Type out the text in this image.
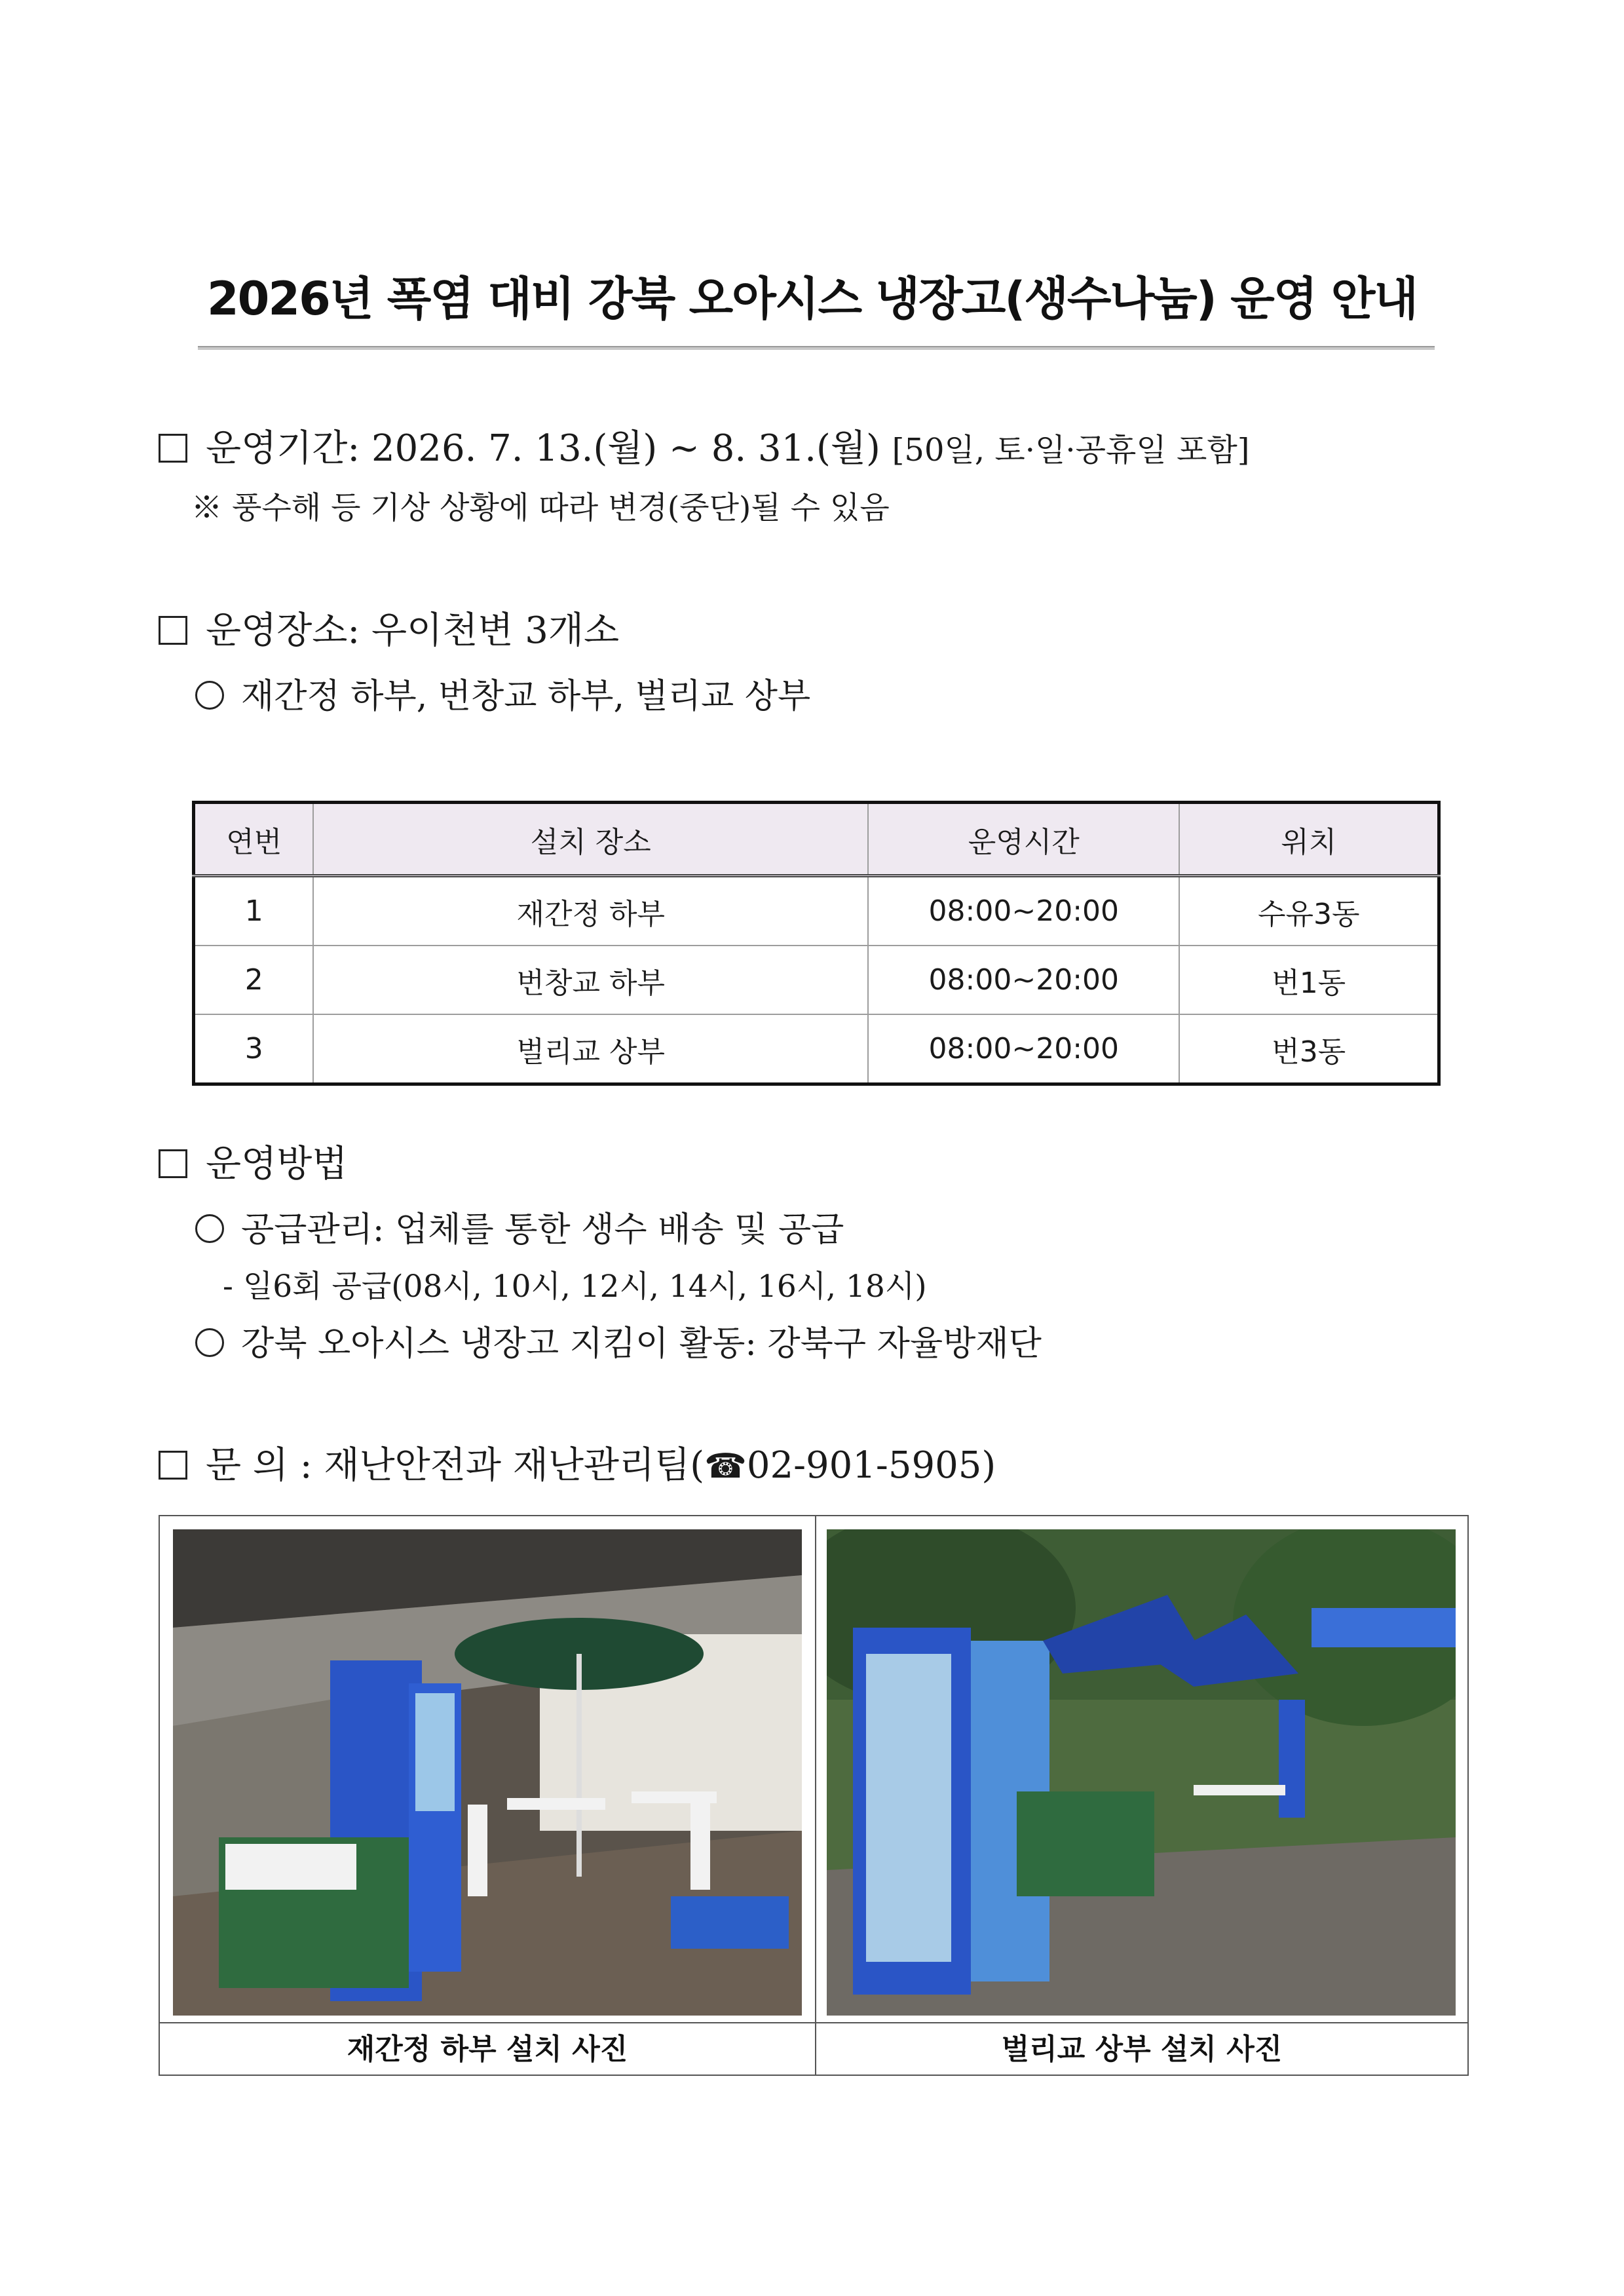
2026년 폭염 대비 강북 오아시스 냉장고(생수나눔) 운영 안내
운영기간: 2026. 7. 13.(월) ~ 8. 31.(월) [50일, 토·일·공휴일 포함]
※ 풍수해 등 기상 상황에 따라 변경(중단)될 수 있음
운영장소: 우이천변 3개소
재간정 하부, 번창교 하부, 벌리교 상부
연번	설치 장소	운영시간	위치
1	재간정 하부	08:00~20:00	수유3동
2	번창교 하부	08:00~20:00	번1동
3	벌리교 상부	08:00~20:00	번3동
운영방법
공급관리: 업체를 통한 생수 배송 및 공급
- 일6회 공급(08시, 10시, 12시, 14시, 16시, 18시)
강북 오아시스 냉장고 지킴이 활동: 강북구 자율방재단
문 의 : 재난안전과 재난관리팀(☎02-901-5905)
재간정 하부 설치 사진	벌리교 상부 설치 사진
